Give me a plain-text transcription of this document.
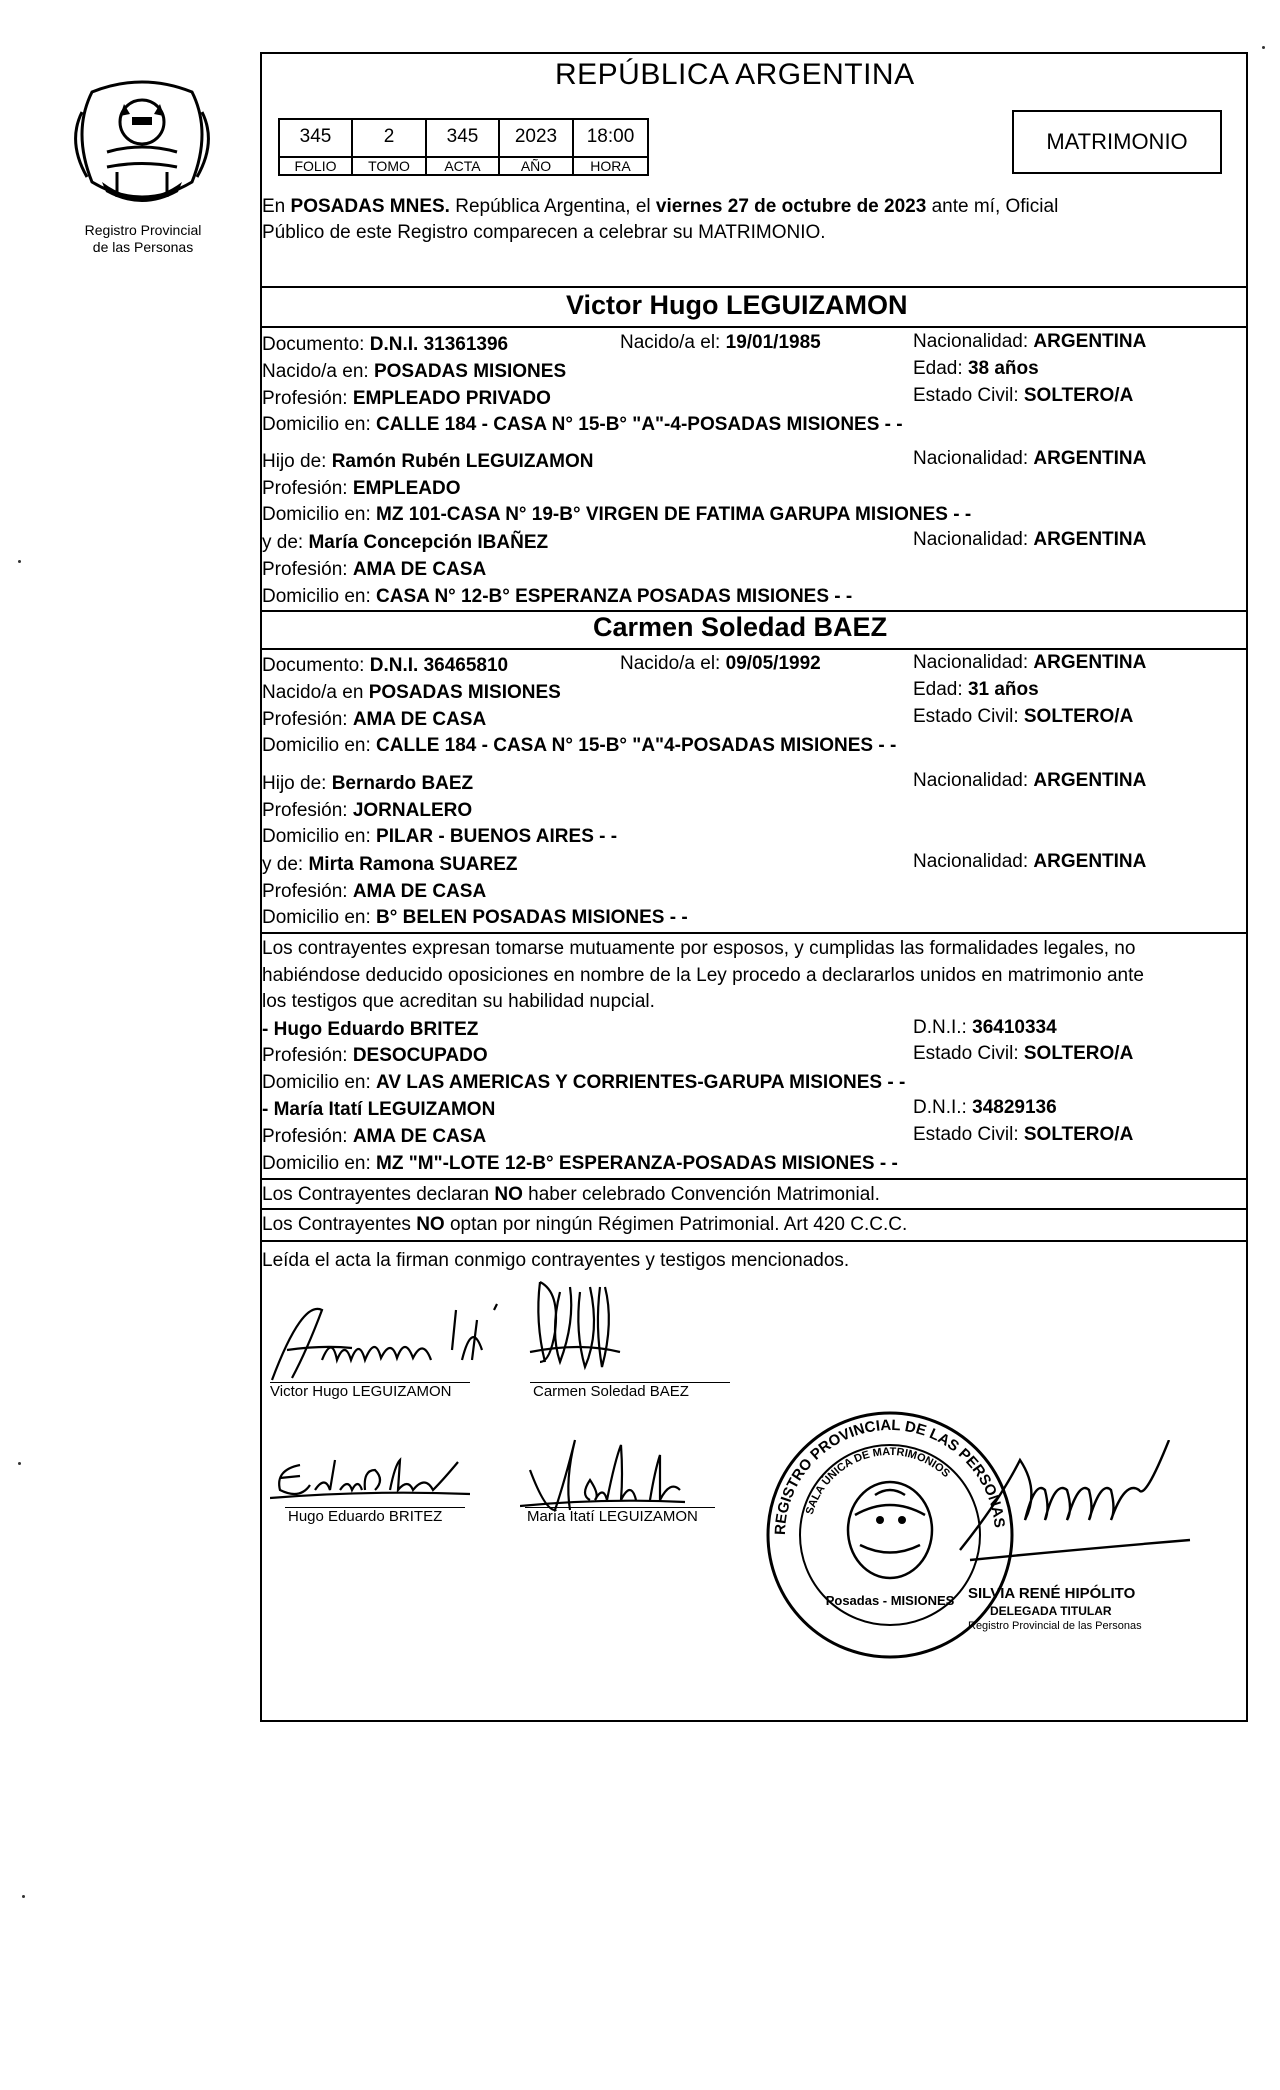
Registro Provincial
de las Personas
REPÚBLICA ARGENTINA
345	2	345	2023	18:00
FOLIO	TOMO	ACTA	AÑO	HORA
MATRIMONIO
En POSADAS MNES. República Argentina, el viernes 27 de octubre de 2023 ante mí, Oficial
Público de este Registro comparecen a celebrar su MATRIMONIO.
Victor Hugo LEGUIZAMON
Documento: D.N.I. 31361396	Nacido/a el: 19/01/1985	Nacionalidad: ARGENTINA
Nacido/a en: POSADAS MISIONES	Edad: 38 años
Profesión: EMPLEADO PRIVADO	Estado Civil: SOLTERO/A
Domicilio en: CALLE 184 - CASA N° 15-B° "A"-4-POSADAS MISIONES - -
Hijo de: Ramón Rubén LEGUIZAMON	Nacionalidad: ARGENTINA
Profesión: EMPLEADO
Domicilio en: MZ 101-CASA N° 19-B° VIRGEN DE FATIMA GARUPA MISIONES - -
y de: María Concepción IBAÑEZ	Nacionalidad: ARGENTINA
Profesión: AMA DE CASA
Domicilio en: CASA N° 12-B° ESPERANZA POSADAS MISIONES - -
Carmen Soledad BAEZ
Documento: D.N.I. 36465810	Nacido/a el: 09/05/1992	Nacionalidad: ARGENTINA
Nacido/a en POSADAS MISIONES	Edad: 31 años
Profesión: AMA DE CASA	Estado Civil: SOLTERO/A
Domicilio en: CALLE 184 - CASA N° 15-B° "A"4-POSADAS MISIONES - -
Hijo de: Bernardo BAEZ	Nacionalidad: ARGENTINA
Profesión: JORNALERO
Domicilio en: PILAR - BUENOS AIRES - -
y de: Mirta Ramona SUAREZ	Nacionalidad: ARGENTINA
Profesión: AMA DE CASA
Domicilio en: B° BELEN POSADAS MISIONES - -
Los contrayentes expresan tomarse mutuamente por esposos, y cumplidas las formalidades legales, no
habiéndose deducido oposiciones en nombre de la Ley procedo a declararlos unidos en matrimonio ante
los testigos que acreditan su habilidad nupcial.
- Hugo Eduardo BRITEZ	D.N.I.: 36410334
Profesión: DESOCUPADO	Estado Civil: SOLTERO/A
Domicilio en: AV LAS AMERICAS Y CORRIENTES-GARUPA MISIONES - -
- María Itatí LEGUIZAMON	D.N.I.: 34829136
Profesión: AMA DE CASA	Estado Civil: SOLTERO/A
Domicilio en: MZ "M"-LOTE 12-B° ESPERANZA-POSADAS MISIONES - -
Los Contrayentes declaran NO haber celebrado Convención Matrimonial.
Los Contrayentes NO optan por ningún Régimen Patrimonial. Art 420 C.C.C.
Leída el acta la firman conmigo contrayentes y testigos mencionados.
Victor Hugo LEGUIZAMON	Carmen Soledad BAEZ
Hugo Eduardo BRITEZ	María Itatí LEGUIZAMON
REGISTRO PROVINCIAL DE LAS PERSONAS
SALA ÚNICA DE MATRIMONIOS
Posadas - MISIONES SILVIA RENÉ HIPÓLITO
DELEGADA TITULAR
Registro Provincial de las Personas
